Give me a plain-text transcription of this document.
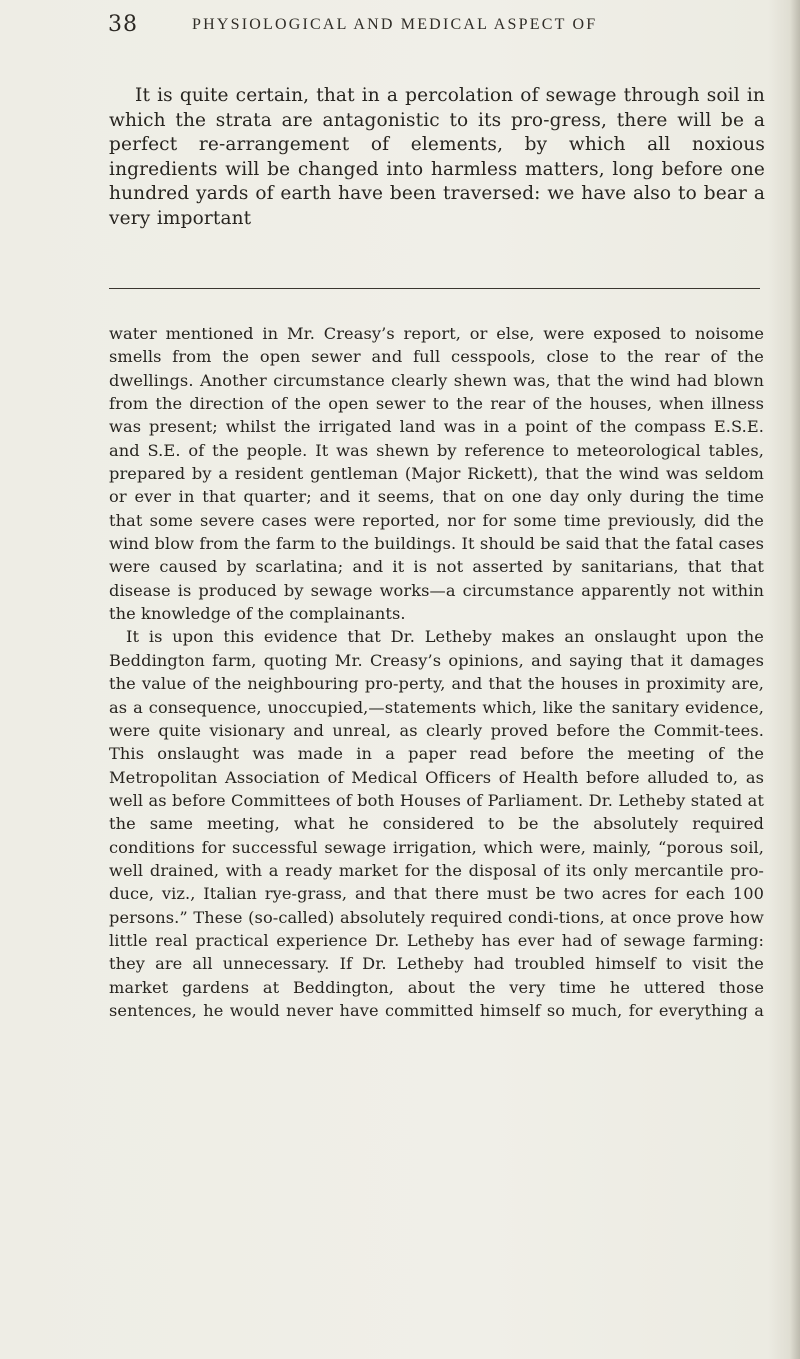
38	PHYSIOLOGICAL AND MEDICAL ASPECT OF

It is quite certain, that in a percolation of sewage through soil in which the strata are antagonistic to its pro-gress, there will be a perfect re-arrangement of elements, by which all noxious ingredients will be changed into harmless matters, long before one hundred yards of earth have been traversed: we have also to bear a very important

water mentioned in Mr. Creasy’s report, or else, were exposed to noisome smells from the open sewer and full cesspools, close to the rear of the dwellings. Another circumstance clearly shewn was, that the wind had blown from the direction of the open sewer to the rear of the houses, when illness was present; whilst the irrigated land was in a point of the compass E.S.E. and S.E. of the people. It was shewn by reference to meteorological tables, prepared by a resident gentleman (Major Rickett), that the wind was seldom or ever in that quarter; and it seems, that on one day only during the time that some severe cases were reported, nor for some time previously, did the wind blow from the farm to the buildings. It should be said that the fatal cases were caused by scarlatina; and it is not asserted by sanitarians, that that disease is produced by sewage works—a circumstance apparently not within the knowledge of the complainants.

It is upon this evidence that Dr. Letheby makes an onslaught upon the Beddington farm, quoting Mr. Creasy’s opinions, and saying that it damages the value of the neighbouring pro-perty, and that the houses in proximity are, as a consequence, unoccupied,—statements which, like the sanitary evidence, were quite visionary and unreal, as clearly proved before the Commit-tees. This onslaught was made in a paper read before the meeting of the Metropolitan Association of Medical Officers of Health before alluded to, as well as before Committees of both Houses of Parliament. Dr. Letheby stated at the same meeting, what he considered to be the absolutely required conditions for successful sewage irrigation, which were, mainly, “porous soil, well drained, with a ready market for the disposal of its only mercantile pro-duce, viz., Italian rye-grass, and that there must be two acres for each 100 persons.” These (so-called) absolutely required condi-tions, at once prove how little real practical experience Dr. Letheby has ever had of sewage farming: they are all unnecessary. If Dr. Letheby had troubled himself to visit the market gardens at Beddington, about the very time he uttered those sentences, he would never have committed himself so much, for everything a
